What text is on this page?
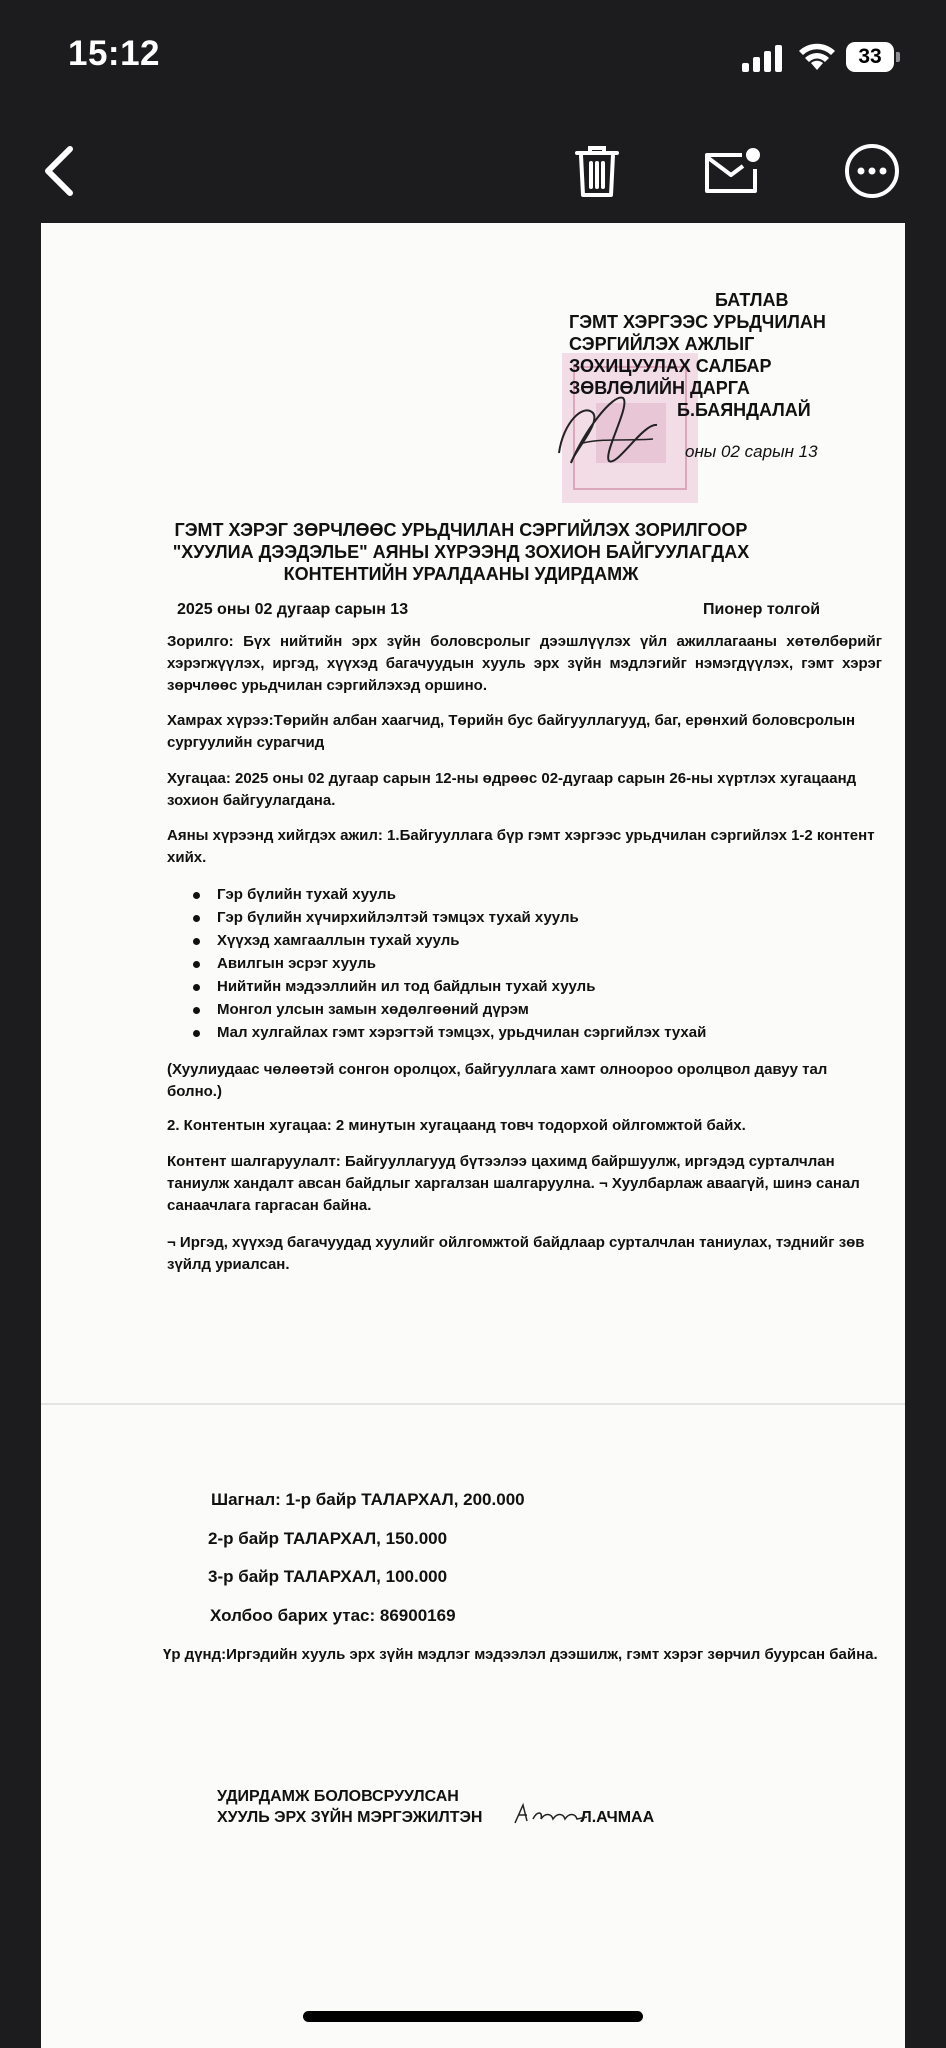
15:12	33
БАТЛАВ
ГЭМТ ХЭРГЭЭС УРЬДЧИЛАН
СЭРГИЙЛЭХ АЖЛЫГ
ЗОХИЦУУЛАХ САЛБАР
ЗӨВЛӨЛИЙН ДАРГА
Б.БАЯНДАЛАЙ
оны 02 сарын 13
ГЭМТ ХЭРЭГ ЗӨРЧЛӨӨС УРЬДЧИЛАН СЭРГИЙЛЭХ ЗОРИЛГООР "ХУУЛИА ДЭЭДЭЛЬЕ" АЯНЫ ХҮРЭЭНД ЗОХИОН БАЙГУУЛАГДАХ КОНТЕНТИЙН УРАЛДААНЫ УДИРДАМЖ
2025 оны 02 дугаар сарын 13	Пионер толгой
Зорилго: Бүх нийтийн эрх зүйн боловсролыг дээшлүүлэх үйл ажиллагааны хөтөлбөрийг хэрэгжүүлэх, иргэд, хүүхэд багачуудын хууль эрх зүйн мэдлэгийг нэмэгдүүлэх, гэмт хэрэг зөрчлөөс урьдчилан сэргийлэхэд оршино.
Хамрах хүрээ:Төрийн албан хаагчид, Төрийн бус байгууллагууд, баг, ерөнхий боловсролын сургуулийн сурагчид
Хугацаа: 2025 оны 02 дугаар сарын 12-ны өдрөөс 02-дугаар сарын 26-ны хүртлэх хугацаанд зохион байгуулагдана.
Аяны хүрээнд хийгдэх ажил: 1.Байгууллага бүр гэмт хэргээс урьдчилан сэргийлэх 1-2 контент хийх.
Гэр бүлийн тухай хууль
Гэр бүлийн хүчирхийлэлтэй тэмцэх тухай хууль
Хүүхэд хамгааллын тухай хууль
Авилгын эсрэг хууль
Нийтийн мэдээллийн ил тод байдлын тухай хууль
Монгол улсын замын хөдөлгөөний дүрэм
Мал хулгайлах гэмт хэрэгтэй тэмцэх, урьдчилан сэргийлэх тухай
(Хуулиудаас чөлөөтэй сонгон оролцох, байгууллага хамт олноороо оролцвол давуу тал болно.)
2. Контентын хугацаа: 2 минутын хугацаанд товч тодорхой ойлгомжтой байх.
Контент шалгаруулалт: Байгууллагууд бүтээлээ цахимд байршуулж, иргэдэд сурталчлан таниулж хандалт авсан байдлыг харгалзан шалгаруулна. ¬ Хуулбарлаж аваагүй, шинэ санал санаачлага гаргасан байна.
¬ Иргэд, хүүхэд багачуудад хуулийг ойлгомжтой байдлаар сурталчлан таниулах, тэднийг зөв зүйлд уриалсан.
Шагнал: 1-р байр ТАЛАРХАЛ, 200.000
2-р байр ТАЛАРХАЛ, 150.000
3-р байр ТАЛАРХАЛ, 100.000
Холбоо барих утас: 86900169
Үр дүнд:Иргэдийн хууль эрх зүйн мэдлэг мэдээлэл дээшилж, гэмт хэрэг зөрчил буурсан байна.
УДИРДАМЖ БОЛОВСРУУЛСАН
ХУУЛЬ ЭРХ ЗҮЙН МЭРГЭЖИЛТЭН	Л.АЧМАА
